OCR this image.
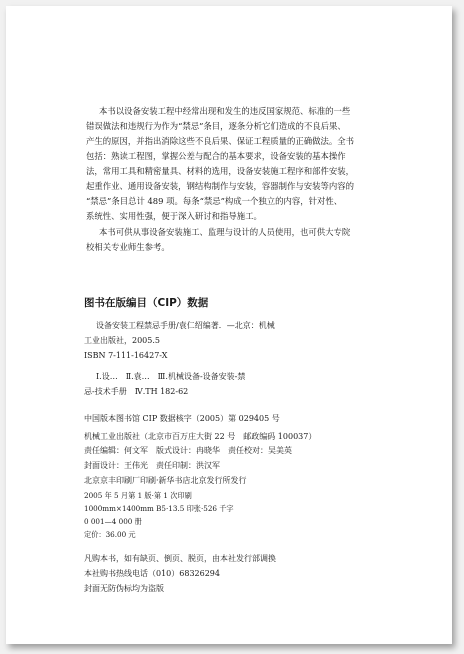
本书以设备安装工程中经常出现和发生的违反国家规范、标准的一些
错误做法和违规行为作为“禁忌”条目，逐条分析它们造成的不良后果、
产生的原因，并指出消除这些不良后果、保证工程质量的正确做法。全书
包括：熟读工程图，掌握公差与配合的基本要求，设备安装的基本操作
法，常用工具和精密量具、材料的选用，设备安装施工程序和部件安装，
起重作业、通用设备安装，钢结构制作与安装，容器制作与安装等内容的
“禁忌”条目总计 489 项。每条“禁忌”构成一个独立的内容，针对性、
系统性、实用性强，便于深入研讨和指导施工。
本书可供从事设备安装施工、监理与设计的人员使用，也可供大专院
校相关专业师生参考。
图书在版编目（CIP）数据
设备安装工程禁忌手册/袁仁绍编著．—北京：机械
工业出版社，2005.5
ISBN 7-111-16427-X
Ⅰ.设…　Ⅱ.袁…　Ⅲ.机械设备-设备安装-禁
忌-技术手册　Ⅳ.TH 182-62
中国版本图书馆 CIP 数据核字（2005）第 029405 号
机械工业出版社（北京市百万庄大街 22 号　邮政编码 100037）
责任编辑：何文军　版式设计：冉晓华　责任校对：吴美英
封面设计：王伟光　责任印制：洪汉军
北京京丰印刷厂印刷·新华书店北京发行所发行
2005 年 5 月第 1 版·第 1 次印刷
1000mm×1400mm B5·13.5 印张·526 千字
0 001—4 000 册
定价：36.00 元
凡购本书，如有缺页、倒页、脱页，由本社发行部调换
本社购书热线电话（010）68326294
封面无防伪标均为盗版
